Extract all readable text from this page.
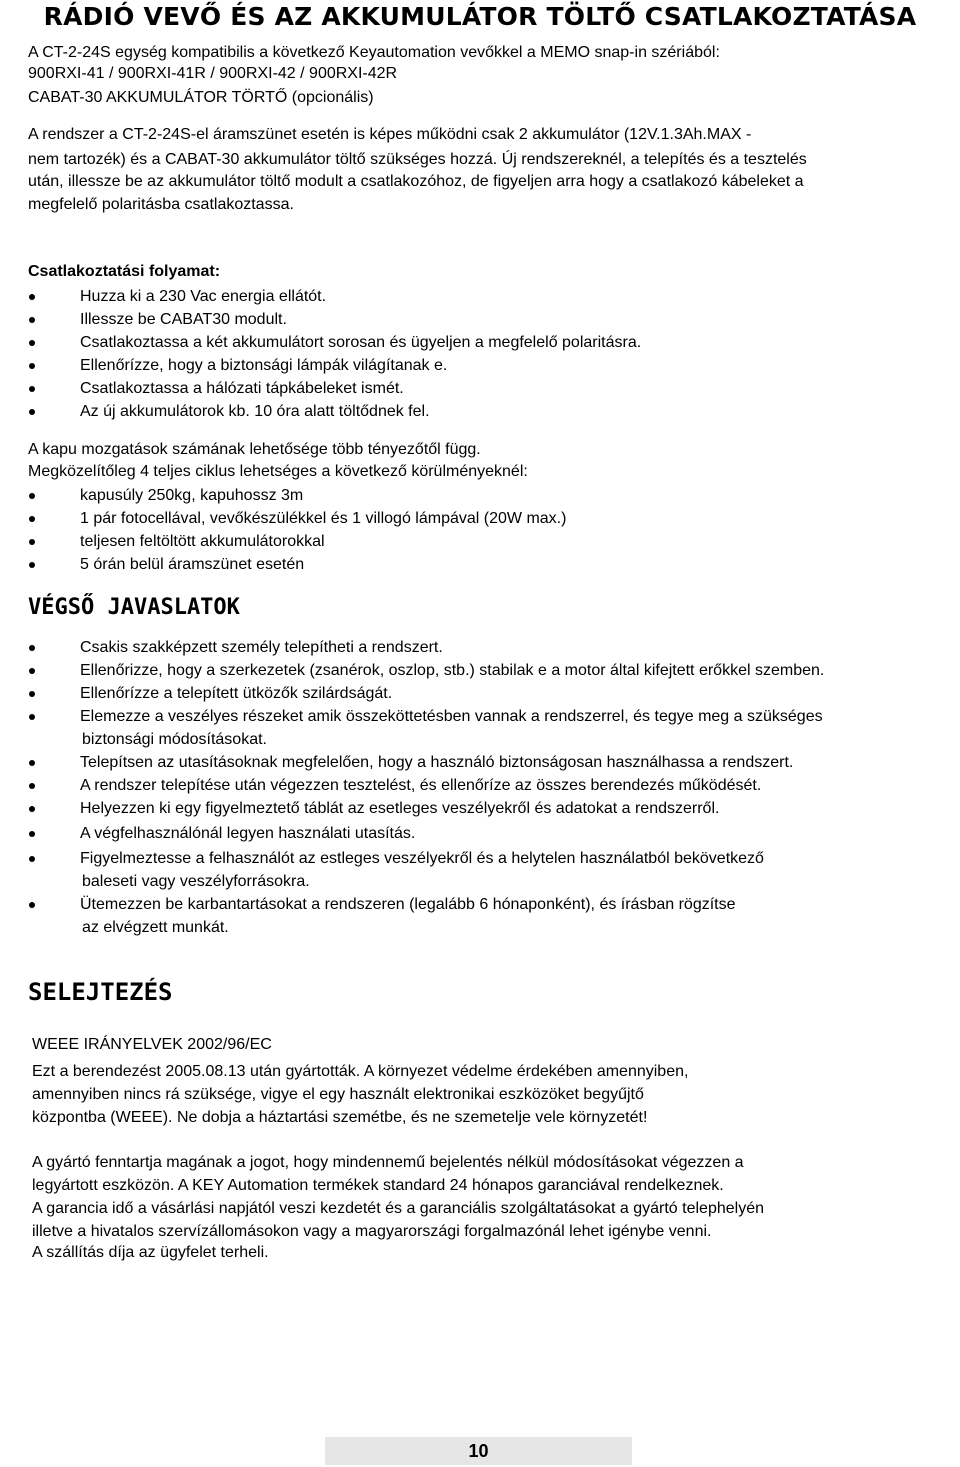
RÁDIÓ VEVŐ ÉS AZ AKKUMULÁTOR TÖLTŐ CSATLAKOZTATÁSA
A CT-2-24S egység kompatibilis a következő Keyautomation vevőkkel a MEMO snap-in szériából:
900RXI-41 / 900RXI-41R / 900RXI-42 / 900RXI-42R
CABAT-30 AKKUMULÁTOR TÖRTŐ (opcionális)
A rendszer a CT-2-24S-el áramszünet esetén is képes működni csak 2 akkumulátor (12V.1.3Ah.MAX -
nem tartozék) és a CABAT-30 akkumulátor töltő szükséges hozzá. Új rendszereknél, a telepítés és a tesztelés
után, illessze be az akkumulátor töltő modult a csatlakozóhoz, de figyeljen arra hogy a csatlakozó kábeleket a
megfelelő polaritásba csatlakoztassa.
Csatlakoztatási folyamat:
Huzza ki a 230 Vac energia ellátót.
Illessze be CABAT30 modult.
Csatlakoztassa a két akkumulátort sorosan és ügyeljen a megfelelő polaritásra.
Ellenőrízze, hogy a biztonsági lámpák világítanak e.
Csatlakoztassa a hálózati tápkábeleket ismét.
Az új akkumulátorok kb. 10 óra alatt töltődnek fel.
A kapu mozgatások számának lehetősége több tényezőtől függ.
Megközelítőleg 4 teljes ciklus lehetséges a következő körülményeknél:
kapusúly 250kg, kapuhossz 3m
1 pár fotocellával, vevőkészülékkel és 1 villogó lámpával (20W max.)
teljesen feltöltött akkumulátorokkal
5 órán belül áramszünet esetén
VÉGSŐ JAVASLATOK
Csakis szakképzett személy telepítheti a rendszert.
Ellenőrizze, hogy a szerkezetek (zsanérok, oszlop, stb.) stabilak e a motor által kifejtett erőkkel szemben.
Ellenőrízze a telepített ütközők szilárdságát.
Elemezze a veszélyes részeket amik összeköttetésben vannak a rendszerrel, és tegye meg a szükséges
biztonsági módosításokat.
Telepítsen az utasításoknak megfelelően, hogy a használó biztonságosan használhassa a rendszert.
A rendszer telepítése után végezzen tesztelést, és ellenőríze az összes berendezés működését.
Helyezzen ki egy figyelmeztető táblát az esetleges veszélyekről és adatokat a rendszerről.
A végfelhasználónál legyen használati utasítás.
Figyelmeztesse a felhasználót az estleges veszélyekről és a helytelen használatból bekövetkező
baleseti vagy veszélyforrásokra.
Ütemezzen be karbantartásokat a rendszeren (legalább 6 hónaponként), és írásban rögzítse
az elvégzett munkát.
SELEJTEZÉS
WEEE IRÁNYELVEK 2002/96/EC
Ezt a berendezést 2005.08.13 után gyártották. A környezet védelme érdekében amennyiben,
amennyiben nincs rá szüksége, vigye el egy használt elektronikai eszközöket begyűjtő
központba (WEEE). Ne dobja a háztartási szemétbe, és ne szemetelje vele környzetét!
A gyártó fenntartja magának a jogot, hogy mindennemű bejelentés nélkül módosításokat végezzen a
legyártott eszközön. A KEY Automation termékek standard 24 hónapos garanciával rendelkeznek.
A garancia idő a vásárlási napjától veszi kezdetét és a garanciális szolgáltatásokat a gyártó telephelyén
illetve a hivatalos szervízállomásokon vagy a magyarországi forgalmazónál lehet igénybe venni.
A szállítás díja az ügyfelet terheli.
10
